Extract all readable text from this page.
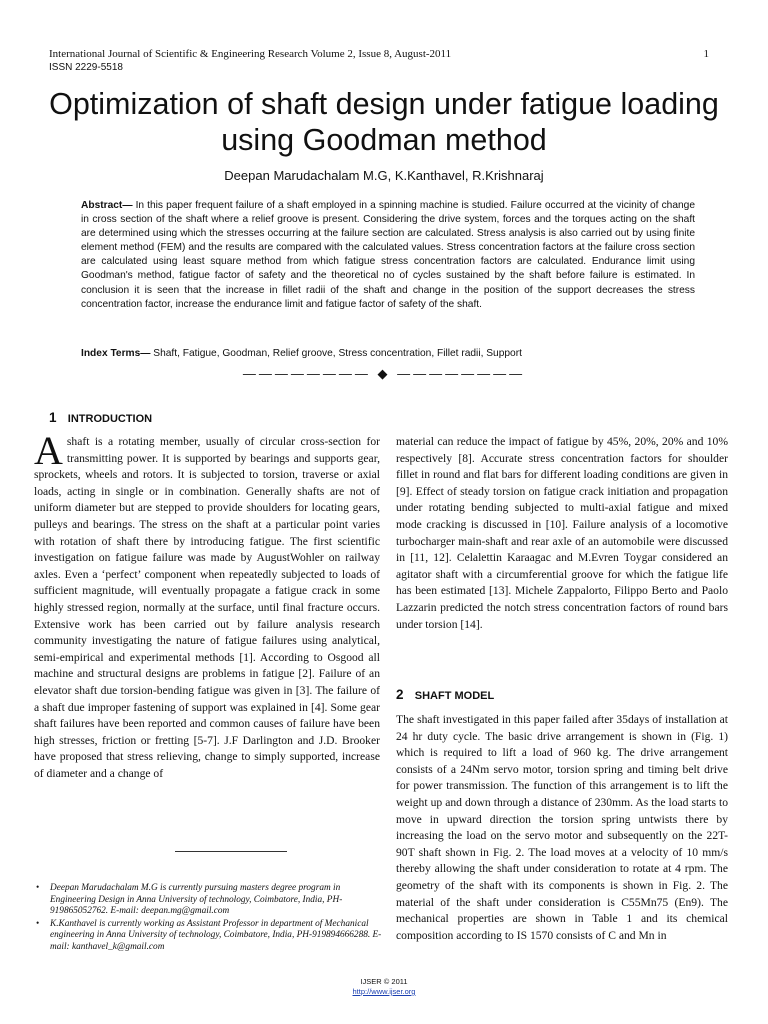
International Journal of Scientific & Engineering Research Volume 2, Issue 8, August-2011
ISSN 2229-5518
1
Optimization of shaft design under fatigue loading using Goodman method
Deepan Marudachalam M.G, K.Kanthavel, R.Krishnaraj

Abstract— In this paper frequent failure of a shaft employed in a spinning machine is studied. Failure occurred at the vicinity of change in cross section of the shaft where a relief groove is present. Considering the drive system, forces and the torques acting on the shaft are determined using which the stresses occurring at the failure section are calculated. Stress analysis is also carried out by using finite element method (FEM) and the results are compared with the calculated values. Stress concentration factors at the failure cross section are calculated using least square method from which fatigue stress concentration factors are calculated. Endurance limit using Goodman's method, fatigue factor of safety and the theoretical no of cycles sustained by the shaft before failure is estimated. In conclusion it is seen that the increase in fillet radii of the shaft and change in the position of the support decreases the stress concentration factor, increase the endurance limit and fatigue factor of safety of the shaft.

Index Terms— Shaft, Fatigue, Goodman, Relief groove, Stress concentration, Fillet radii, Support

———————— ◆ ————————
1 INTRODUCTION

Ashaft is a rotating member, usually of circular cross-section for transmitting power. It is supported by bearings and supports gear, sprockets, wheels and rotors. It is subjected to torsion, traverse or axial loads, acting in single or in combination. Generally shafts are not of uniform diameter but are stepped to provide shoulders for locating gears, pulleys and bearings. The stress on the shaft at a particular point varies with rotation of shaft there by introducing fatigue. The first scientific investigation on fatigue failure was made by AugustWohler on railway axles. Even a ‘perfect’ component when repeatedly subjected to loads of sufficient magnitude, will eventually propagate a fatigue crack in some highly stressed region, normally at the surface, until final fracture occurs. Extensive work has been carried out by failure analysis research community investigating the nature of fatigue failures using analytical, semi-empirical and experimental methods [1]. According to Osgood all machine and structural designs are problems in fatigue [2]. Failure of an elevator shaft due torsion-bending fatigue was given in [3]. The failure of a shaft due improper fastening of support was explained in [4]. Some gear shaft failures have been reported and common causes of failure have been high stresses, friction or fretting [5-7]. J.F Darlington and J.D. Brooker have proposed that stress relieving, change to simply supported, increase of diameter and a change of

material can reduce the impact of fatigue by 45%, 20%, 20% and 10% respectively [8]. Accurate stress concentration factors for shoulder fillet in round and flat bars for different loading conditions are given in [9]. Effect of steady torsion on fatigue crack initiation and propagation under rotating bending subjected to multi-axial fatigue and mixed mode cracking is discussed in [10]. Failure analysis of a locomotive turbocharger main-shaft and rear axle of an automobile were discussed in [11, 12]. Celalettin Karaagac and M.Evren Toygar considered an agitator shaft with a circumferential groove for which the fatigue life has been estimated [13]. Michele Zappalorto, Filippo Berto and Paolo Lazzarin predicted the notch stress concentration factors of round bars under torsion [14].

2 SHAFT MODEL

The shaft investigated in this paper failed after 35days of installation at 24 hr duty cycle. The basic drive arrangement is shown in (Fig. 1) which is required to lift a load of 960 kg. The drive arrangement consists of a 24Nm servo motor, torsion spring and timing belt drive for power transmission. The function of this arrangement is to lift the weight up and down through a distance of 230mm. As the load starts to move in upward direction the torsion spring untwists there by increasing the load on the servo motor and subsequently on the 22T-90T shaft shown in Fig. 2. The load moves at a velocity of 10 mm/s thereby allowing the shaft under consideration to rotate at 4 rpm. The geometry of the shaft with its components is shown in Fig. 2. The material of the shaft under consideration is C55Mn75 (En9). The mechanical properties are shown in Table 1 and its chemical composition according to IS 1570 consists of C and Mn in

• Deepan Marudachalam M.G is currently pursuing masters degree program in Engineering Design in Anna University of technology, Coimbatore, India, PH-919865052762. E-mail: deepan.mg@gmail.com
• K.Kanthavel is currently working as Assistant Professor in department of Mechanical engineering in Anna University of technology, Coimbatore, India, PH-919894666288. E-mail: kanthavel_k@gmail.com
IJSER © 2011
http://www.ijser.org
